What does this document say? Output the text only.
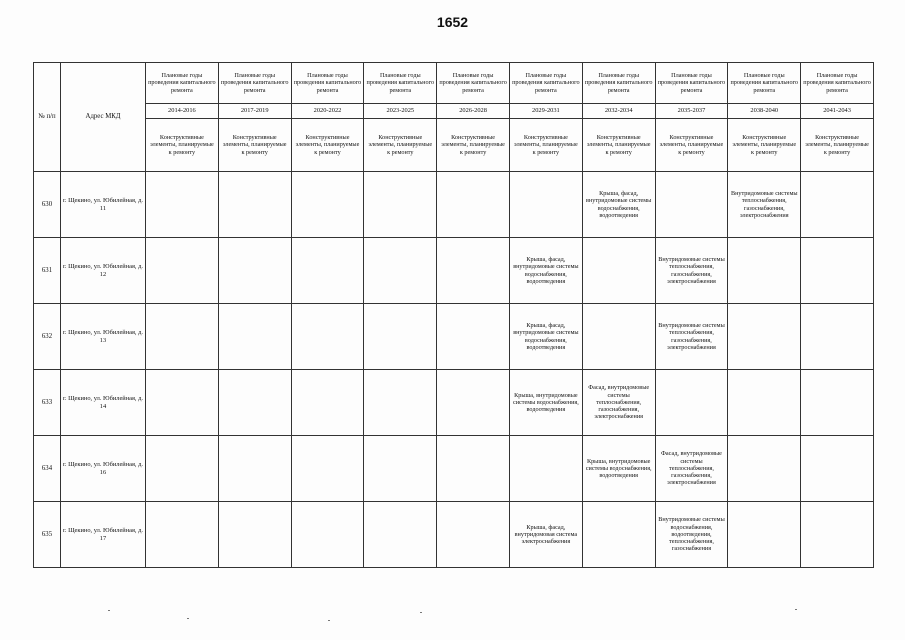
1652
№ п/п	Адрес МКД	Плановые годы проведения капитального ремонта	Плановые годы проведения капитального ремонта	Плановые годы проведения капитального ремонта	Плановые годы проведения капитального ремонта	Плановые годы проведения капитального ремонта	Плановые годы проведения капитального ремонта	Плановые годы проведения капитального ремонта	Плановые годы проведения капитального ремонта	Плановые годы проведения капитального ремонта	Плановые годы проведения капитального ремонта
		2014-2016	2017-2019	2020-2022	2023-2025	2026-2028	2029-2031	2032-2034	2035-2037	2038-2040	2041-2043
		Конструктивные элементы, планируемые к ремонту	Конструктивные элементы, планируемые к ремонту	Конструктивные элементы, планируемые к ремонту	Конструктивные элементы, планируемые к ремонту	Конструктивные элементы, планируемые к ремонту	Конструктивные элементы, планируемые к ремонту	Конструктивные элементы, планируемые к ремонту	Конструктивные элементы, планируемые к ремонту	Конструктивные элементы, планируемые к ремонту	Конструктивные элементы, планируемые к ремонту
630	г. Щекино, ул. Юбилейная, д. 11							Крыша, фасад, внутридомовые системы водоснабжения, водоотведения		Внутридомовые системы теплоснабжения, газоснабжения, электроснабжения	
631	г. Щекино, ул. Юбилейная, д. 12						Крыша, фасад, внутридомовые системы водоснабжения, водоотведения		Внутридомовые системы теплоснабжения, газоснабжения, электроснабжения		
632	г. Щекино, ул. Юбилейная, д. 13						Крыша, фасад, внутридомовые системы водоснабжения, водоотведения		Внутридомовые системы теплоснабжения, газоснабжения, электроснабжения		
633	г. Щекино, ул. Юбилейная, д. 14						Крыша, внутридомовые системы водоснабжения, водоотведения	Фасад, внутридомовые системы теплоснабжения, газоснабжения, электроснабжения			
634	г. Щекино, ул. Юбилейная, д. 16							Крыша, внутридомовые системы водоснабжения, водоотведения	Фасад, внутридомовые системы теплоснабжения, газоснабжения, электроснабжения		
635	г. Щекино, ул. Юбилейная, д. 17						Крыша, фасад, внутридомовая система электроснабжения		Внутридомовые системы водоснабжения, водоотведения, теплоснабжения, газоснабжения		
